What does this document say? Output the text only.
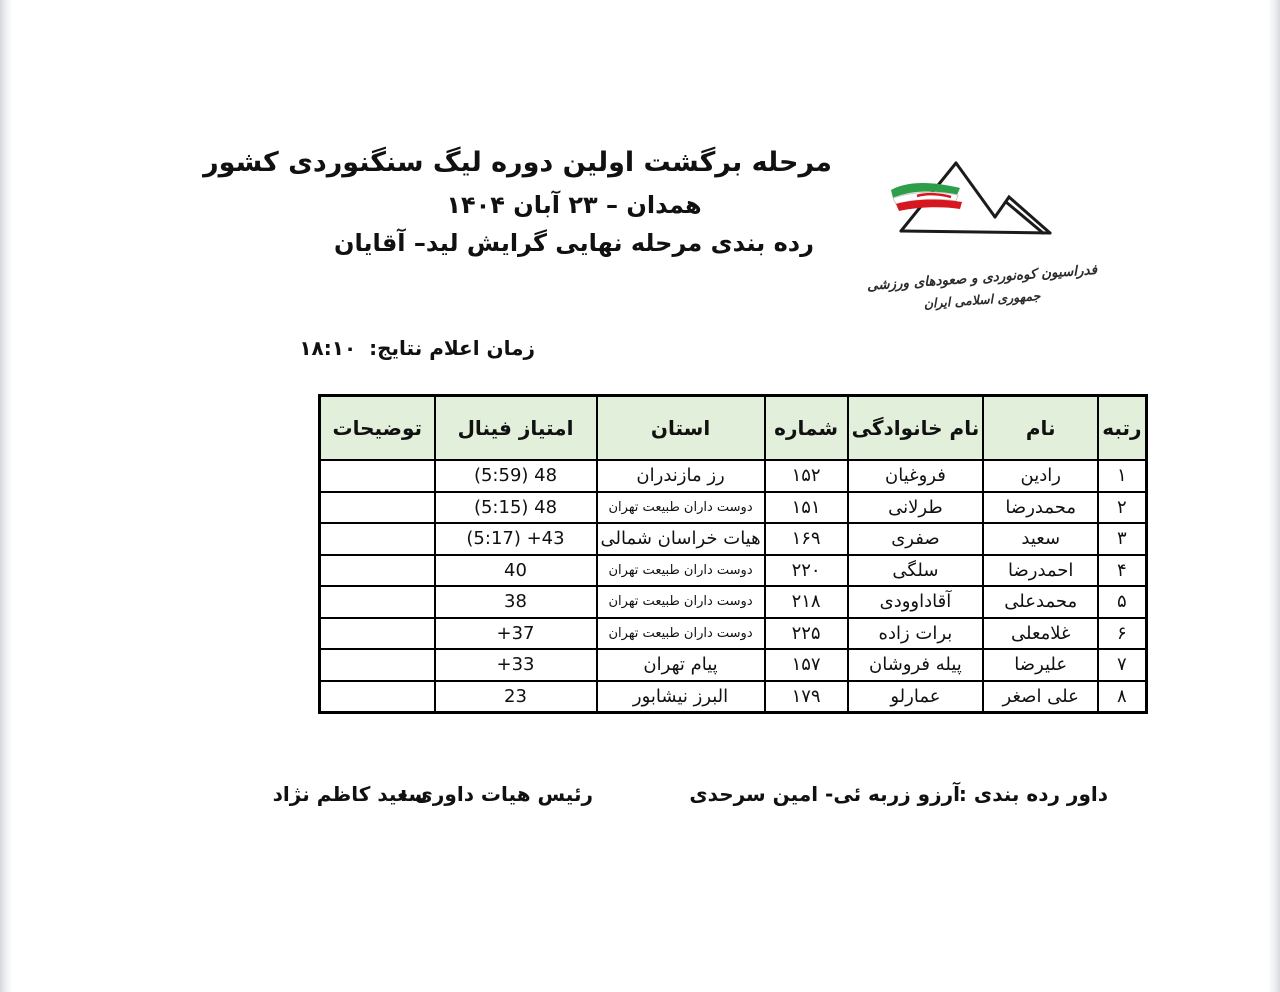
مرحله برگشت اولین دوره لیگ سنگنوردی کشور
همدان – ۲۳ آبان ۱۴۰۴
رده بندی مرحله نهایی گرایش لید– آقایان
فدراسیون کوه‌نوردی و صعودهای ورزشی
جمهوری اسلامی ایران
زمان اعلام نتایج: ۱۸:۱۰
رتبه	نام	نام خانوادگی	شماره	استان	امتیاز فینال	توضیحات
۱	رادین	فروغیان	۱۵۲	رز مازندران	(5:59) 48	
۲	محمدرضا	طرلانی	۱۵۱	دوست داران طبیعت تهران	(5:15) 48	
۳	سعید	صفری	۱۶۹	هیات خراسان شمالی	(5:17) +43	
۴	احمدرضا	سلگی	۲۲۰	دوست داران طبیعت تهران	40	
۵	محمدعلی	آقاداوودی	۲۱۸	دوست داران طبیعت تهران	38	
۶	غلامعلی	برات زاده	۲۲۵	دوست داران طبیعت تهران	+37	
۷	علیرضا	پیله فروشان	۱۵۷	پیام تهران	+33	
۸	علی اصغر	عمارلو	۱۷۹	البرز نیشابور	23	
داور رده بندی :
آرزو زربه ئی- امین سرحدی
رئیس هیات داوری :
سعید کاظم نژاد
